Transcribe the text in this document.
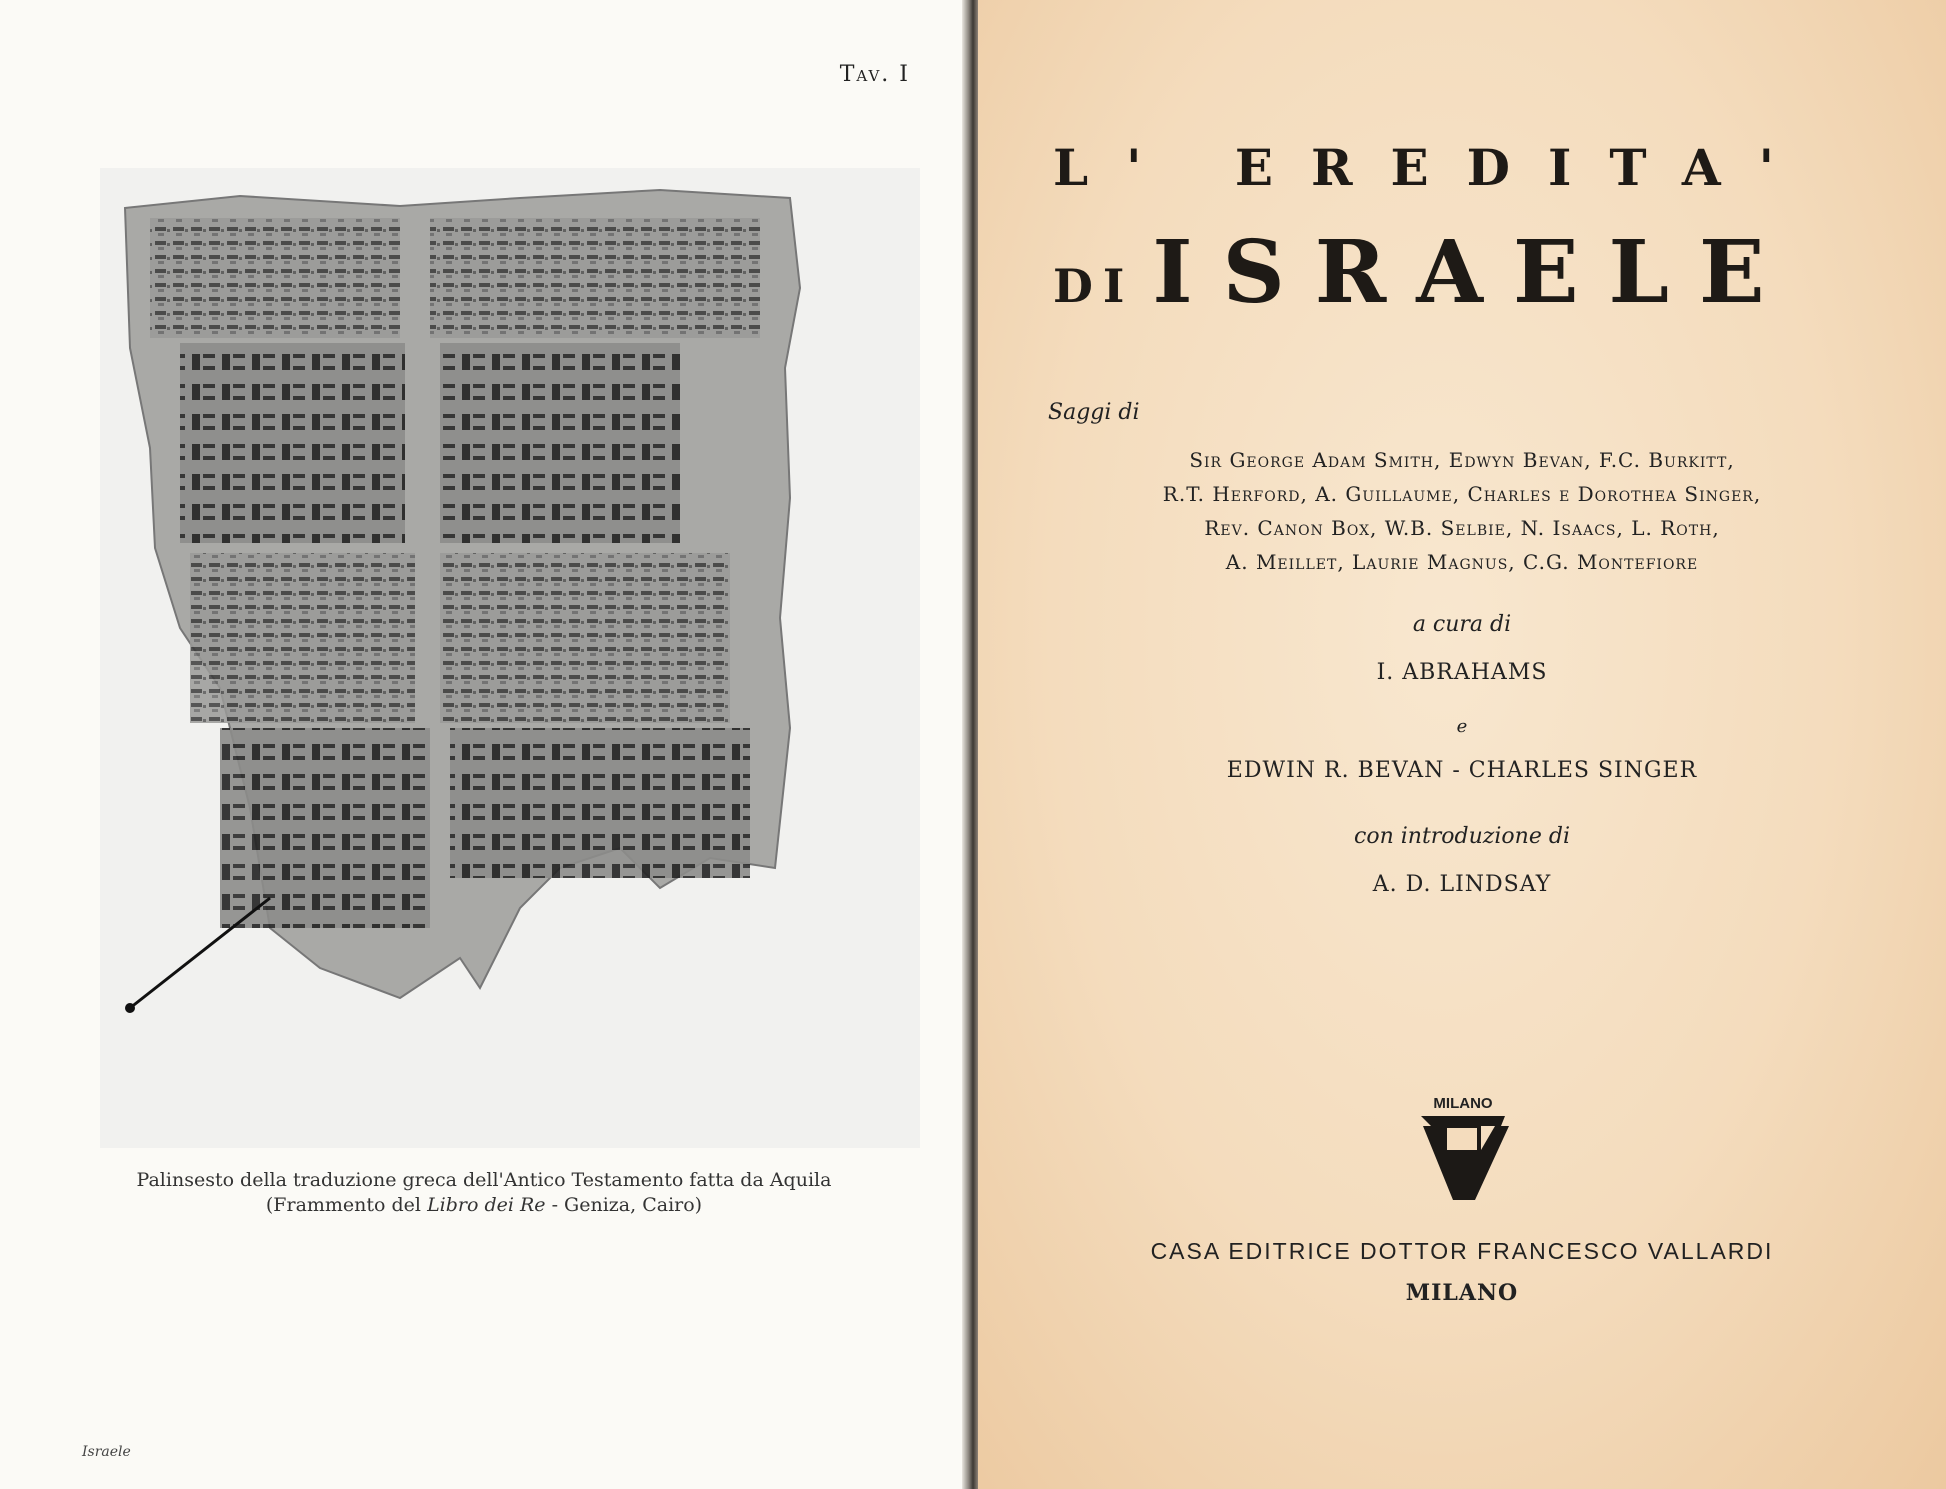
Tav. I
Palinsesto della traduzione greca dell'Antico Testamento fatta da Aquila
(Frammento del Libro dei Re - Geniza, Cairo)
Israele
L' EREDITA'
DI ISRAELE
Saggi di
Sir George Adam Smith, Edwyn Bevan, F.C. Burkitt,
R.T. Herford, A. Guillaume, Charles e Dorothea Singer,
Rev. Canon Box, W.B. Selbie, N. Isaacs, L. Roth,
A. Meillet, Laurie Magnus, C.G. Montefiore
a cura di
I. ABRAHAMS
e
EDWIN R. BEVAN - CHARLES SINGER
con introduzione di
A. D. LINDSAY
MILANO
CASA EDITRICE DOTTOR FRANCESCO VALLARDI
MILANO
